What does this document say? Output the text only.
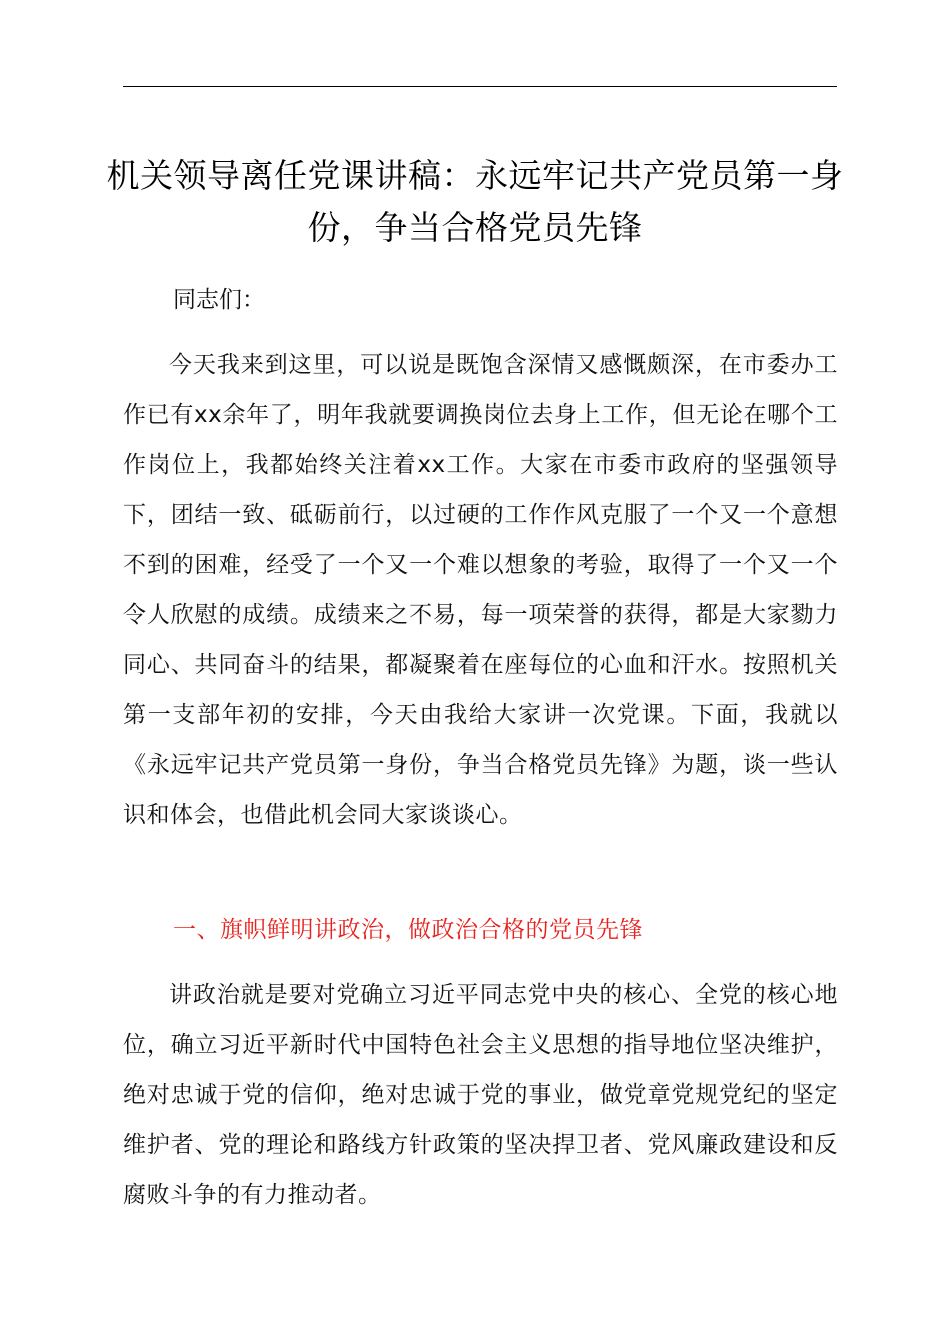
机关领导离任党课讲稿：永远牢记共产党员第一身份，争当合格党员先锋

同志们：

今天我来到这里，可以说是既饱含深情又感慨颇深，在市委办工作已有xx余年了，明年我就要调换岗位去身上工作，但无论在哪个工作岗位上，我都始终关注着xx工作。大家在市委市政府的坚强领导下，团结一致、砥砺前行，以过硬的工作作风克服了一个又一个意想不到的困难，经受了一个又一个难以想象的考验，取得了一个又一个令人欣慰的成绩。成绩来之不易，每一项荣誉的获得，都是大家勠力同心、共同奋斗的结果，都凝聚着在座每位的心血和汗水。按照机关第一支部年初的安排，今天由我给大家讲一次党课。下面，我就以《永远牢记共产党员第一身份，争当合格党员先锋》为题，谈一些认识和体会，也借此机会同大家谈谈心。

一、旗帜鲜明讲政治，做政治合格的党员先锋

讲政治就是要对党确立习近平同志党中央的核心、全党的核心地位，确立习近平新时代中国特色社会主义思想的指导地位坚决维护，绝对忠诚于党的信仰，绝对忠诚于党的事业，做党章党规党纪的坚定维护者、党的理论和路线方针政策的坚决捍卫者、党风廉政建设和反腐败斗争的有力推动者。
